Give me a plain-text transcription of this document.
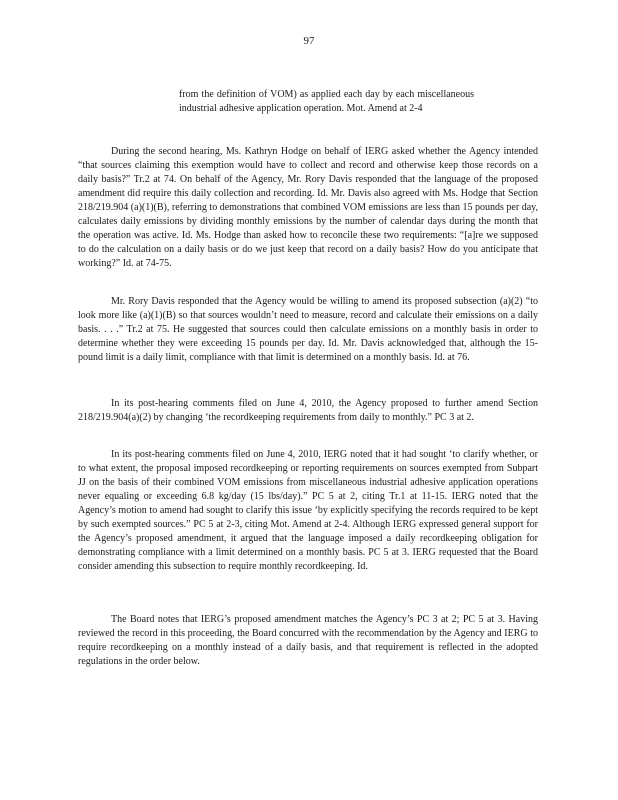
97
from the definition of VOM) as applied each day by each miscellaneous industrial adhesive application operation. Mot. Amend at 2-4

During the second hearing, Ms. Kathryn Hodge on behalf of IERG asked whether the Agency intended “that sources claiming this exemption would have to collect and record and otherwise keep those records on a daily basis?” Tr.2 at 74. On behalf of the Agency, Mr. Rory Davis responded that the language of the proposed amendment did require this daily collection and recording. Id. Mr. Davis also agreed with Ms. Hodge that Section 218/219.904 (a)(1)(B), referring to demonstrations that combined VOM emissions are less than 15 pounds per day, calculates daily emissions by dividing monthly emissions by the number of calendar days during the month that the operation was active. Id. Ms. Hodge than asked how to reconcile these two requirements: “[a]re we supposed to do the calculation on a daily basis or do we just keep that record on a daily basis? How do you anticipate that working?” Id. at 74-75.

Mr. Rory Davis responded that the Agency would be willing to amend its proposed subsection (a)(2) “to look more like (a)(1)(B) so that sources wouldn’t need to measure, record and calculate their emissions on a daily basis. . . .” Tr.2 at 75. He suggested that sources could then calculate emissions on a monthly basis in order to determine whether they were exceeding 15 pounds per day. Id. Mr. Davis acknowledged that, although the 15-pound limit is a daily limit, compliance with that limit is determined on a monthly basis. Id. at 76.

In its post-hearing comments filed on June 4, 2010, the Agency proposed to further amend Section 218/219.904(a)(2) by changing ‘the recordkeeping requirements from daily to monthly.” PC 3 at 2.

In its post-hearing comments filed on June 4, 2010, IERG noted that it had sought ‘to clarify whether, or to what extent, the proposal imposed recordkeeping or reporting requirements on sources exempted from Subpart JJ on the basis of their combined VOM emissions from miscellaneous industrial adhesive application operations never equaling or exceeding 6.8 kg/day (15 lbs/day).” PC 5 at 2, citing Tr.1 at 11-15. IERG noted that the Agency’s motion to amend had sought to clarify this issue ‘by explicitly specifying the records required to be kept by such exempted sources.” PC 5 at 2-3, citing Mot. Amend at 2-4. Although IERG expressed general support for the Agency’s proposed amendment, it argued that the language imposed a daily recordkeeping obligation for demonstrating compliance with a limit determined on a monthly basis. PC 5 at 3. IERG requested that the Board consider amending this subsection to require monthly recordkeeping. Id.

The Board notes that IERG’s proposed amendment matches the Agency’s PC 3 at 2; PC 5 at 3. Having reviewed the record in this proceeding, the Board concurred with the recommendation by the Agency and IERG to require recordkeeping on a monthly instead of a daily basis, and that requirement is reflected in the adopted regulations in the order below.
